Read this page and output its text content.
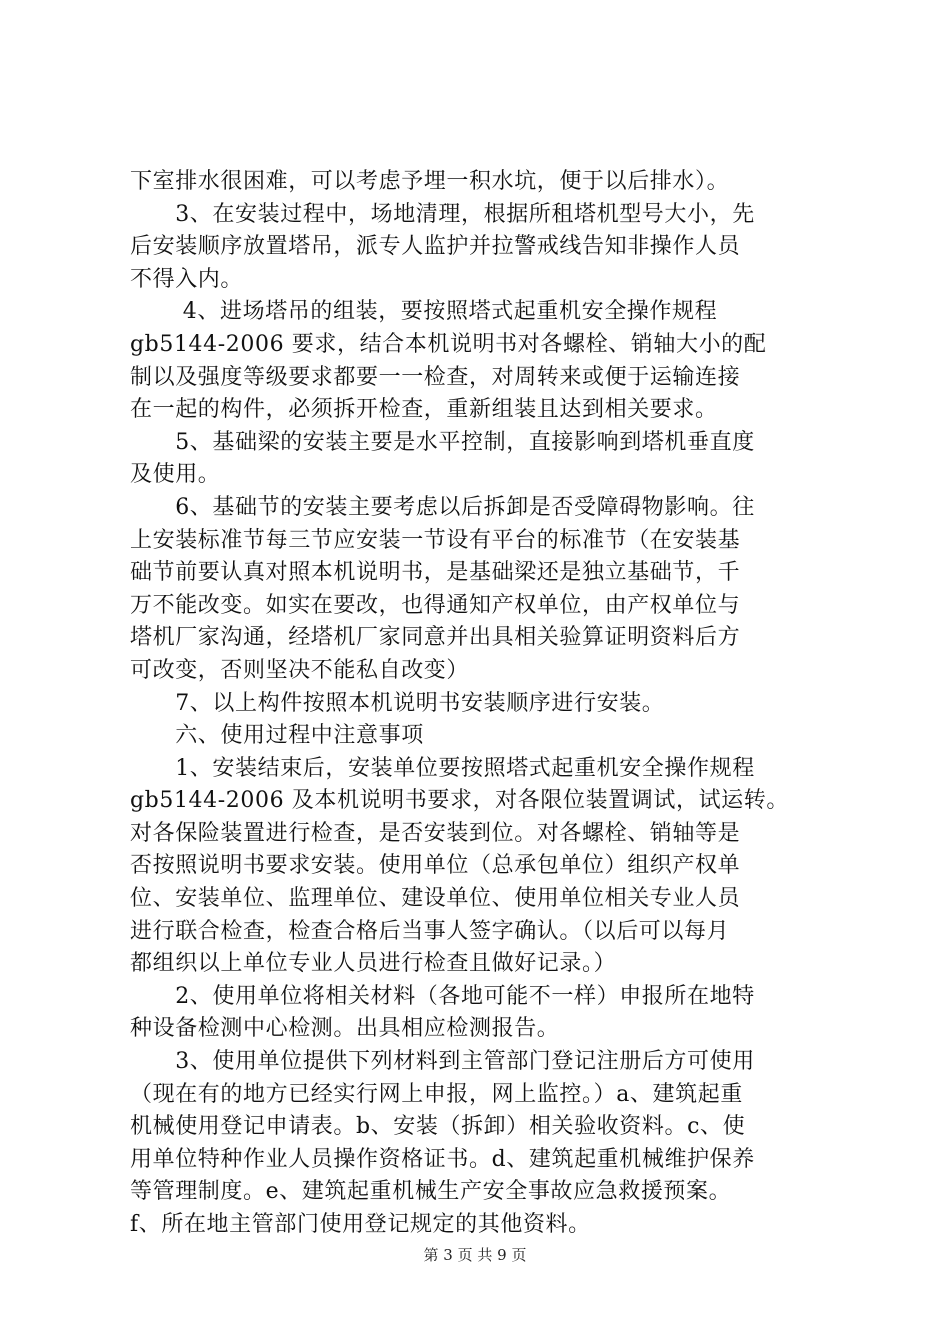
下室排水很困难，可以考虑予埋一积水坑，便于以后排水）。
　　3、在安装过程中，场地清理，根据所租塔机型号大小，先
后安装顺序放置塔吊，派专人监护并拉警戒线告知非操作人员
不得入内。
　　 4、进场塔吊的组装，要按照塔式起重机安全操作规程
gb5144-2006 要求，结合本机说明书对各螺栓、销轴大小的配
制以及强度等级要求都要一一检查，对周转来或便于运输连接
在一起的构件，必须拆开检查，重新组装且达到相关要求。
　　5、基础梁的安装主要是水平控制，直接影响到塔机垂直度
及使用。
　　6、基础节的安装主要考虑以后拆卸是否受障碍物影响。往
上安装标准节每三节应安装一节设有平台的标准节（在安装基
础节前要认真对照本机说明书，是基础梁还是独立基础节，千
万不能改变。如实在要改，也得通知产权单位，由产权单位与
塔机厂家沟通，经塔机厂家同意并出具相关验算证明资料后方
可改变，否则坚决不能私自改变）
　　7、以上构件按照本机说明书安装顺序进行安装。
　　六、使用过程中注意事项
　　1、安装结束后，安装单位要按照塔式起重机安全操作规程
gb5144-2006 及本机说明书要求，对各限位装置调试，试运转。
对各保险装置进行检查，是否安装到位。对各螺栓、销轴等是
否按照说明书要求安装。使用单位（总承包单位）组织产权单
位、安装单位、监理单位、建设单位、使用单位相关专业人员
进行联合检查，检查合格后当事人签字确认。（以后可以每月
都组织以上单位专业人员进行检查且做好记录。）
　　2、使用单位将相关材料（各地可能不一样）申报所在地特
种设备检测中心检测。出具相应检测报告。
　　3、使用单位提供下列材料到主管部门登记注册后方可使用
（现在有的地方已经实行网上申报，网上监控。）a、建筑起重
机械使用登记申请表。b、安装（拆卸）相关验收资料。c、使
用单位特种作业人员操作资格证书。d、建筑起重机械维护保养
等管理制度。e、建筑起重机械生产安全事故应急救援预案。
f、所在地主管部门使用登记规定的其他资料。
第 3 页 共 9 页
